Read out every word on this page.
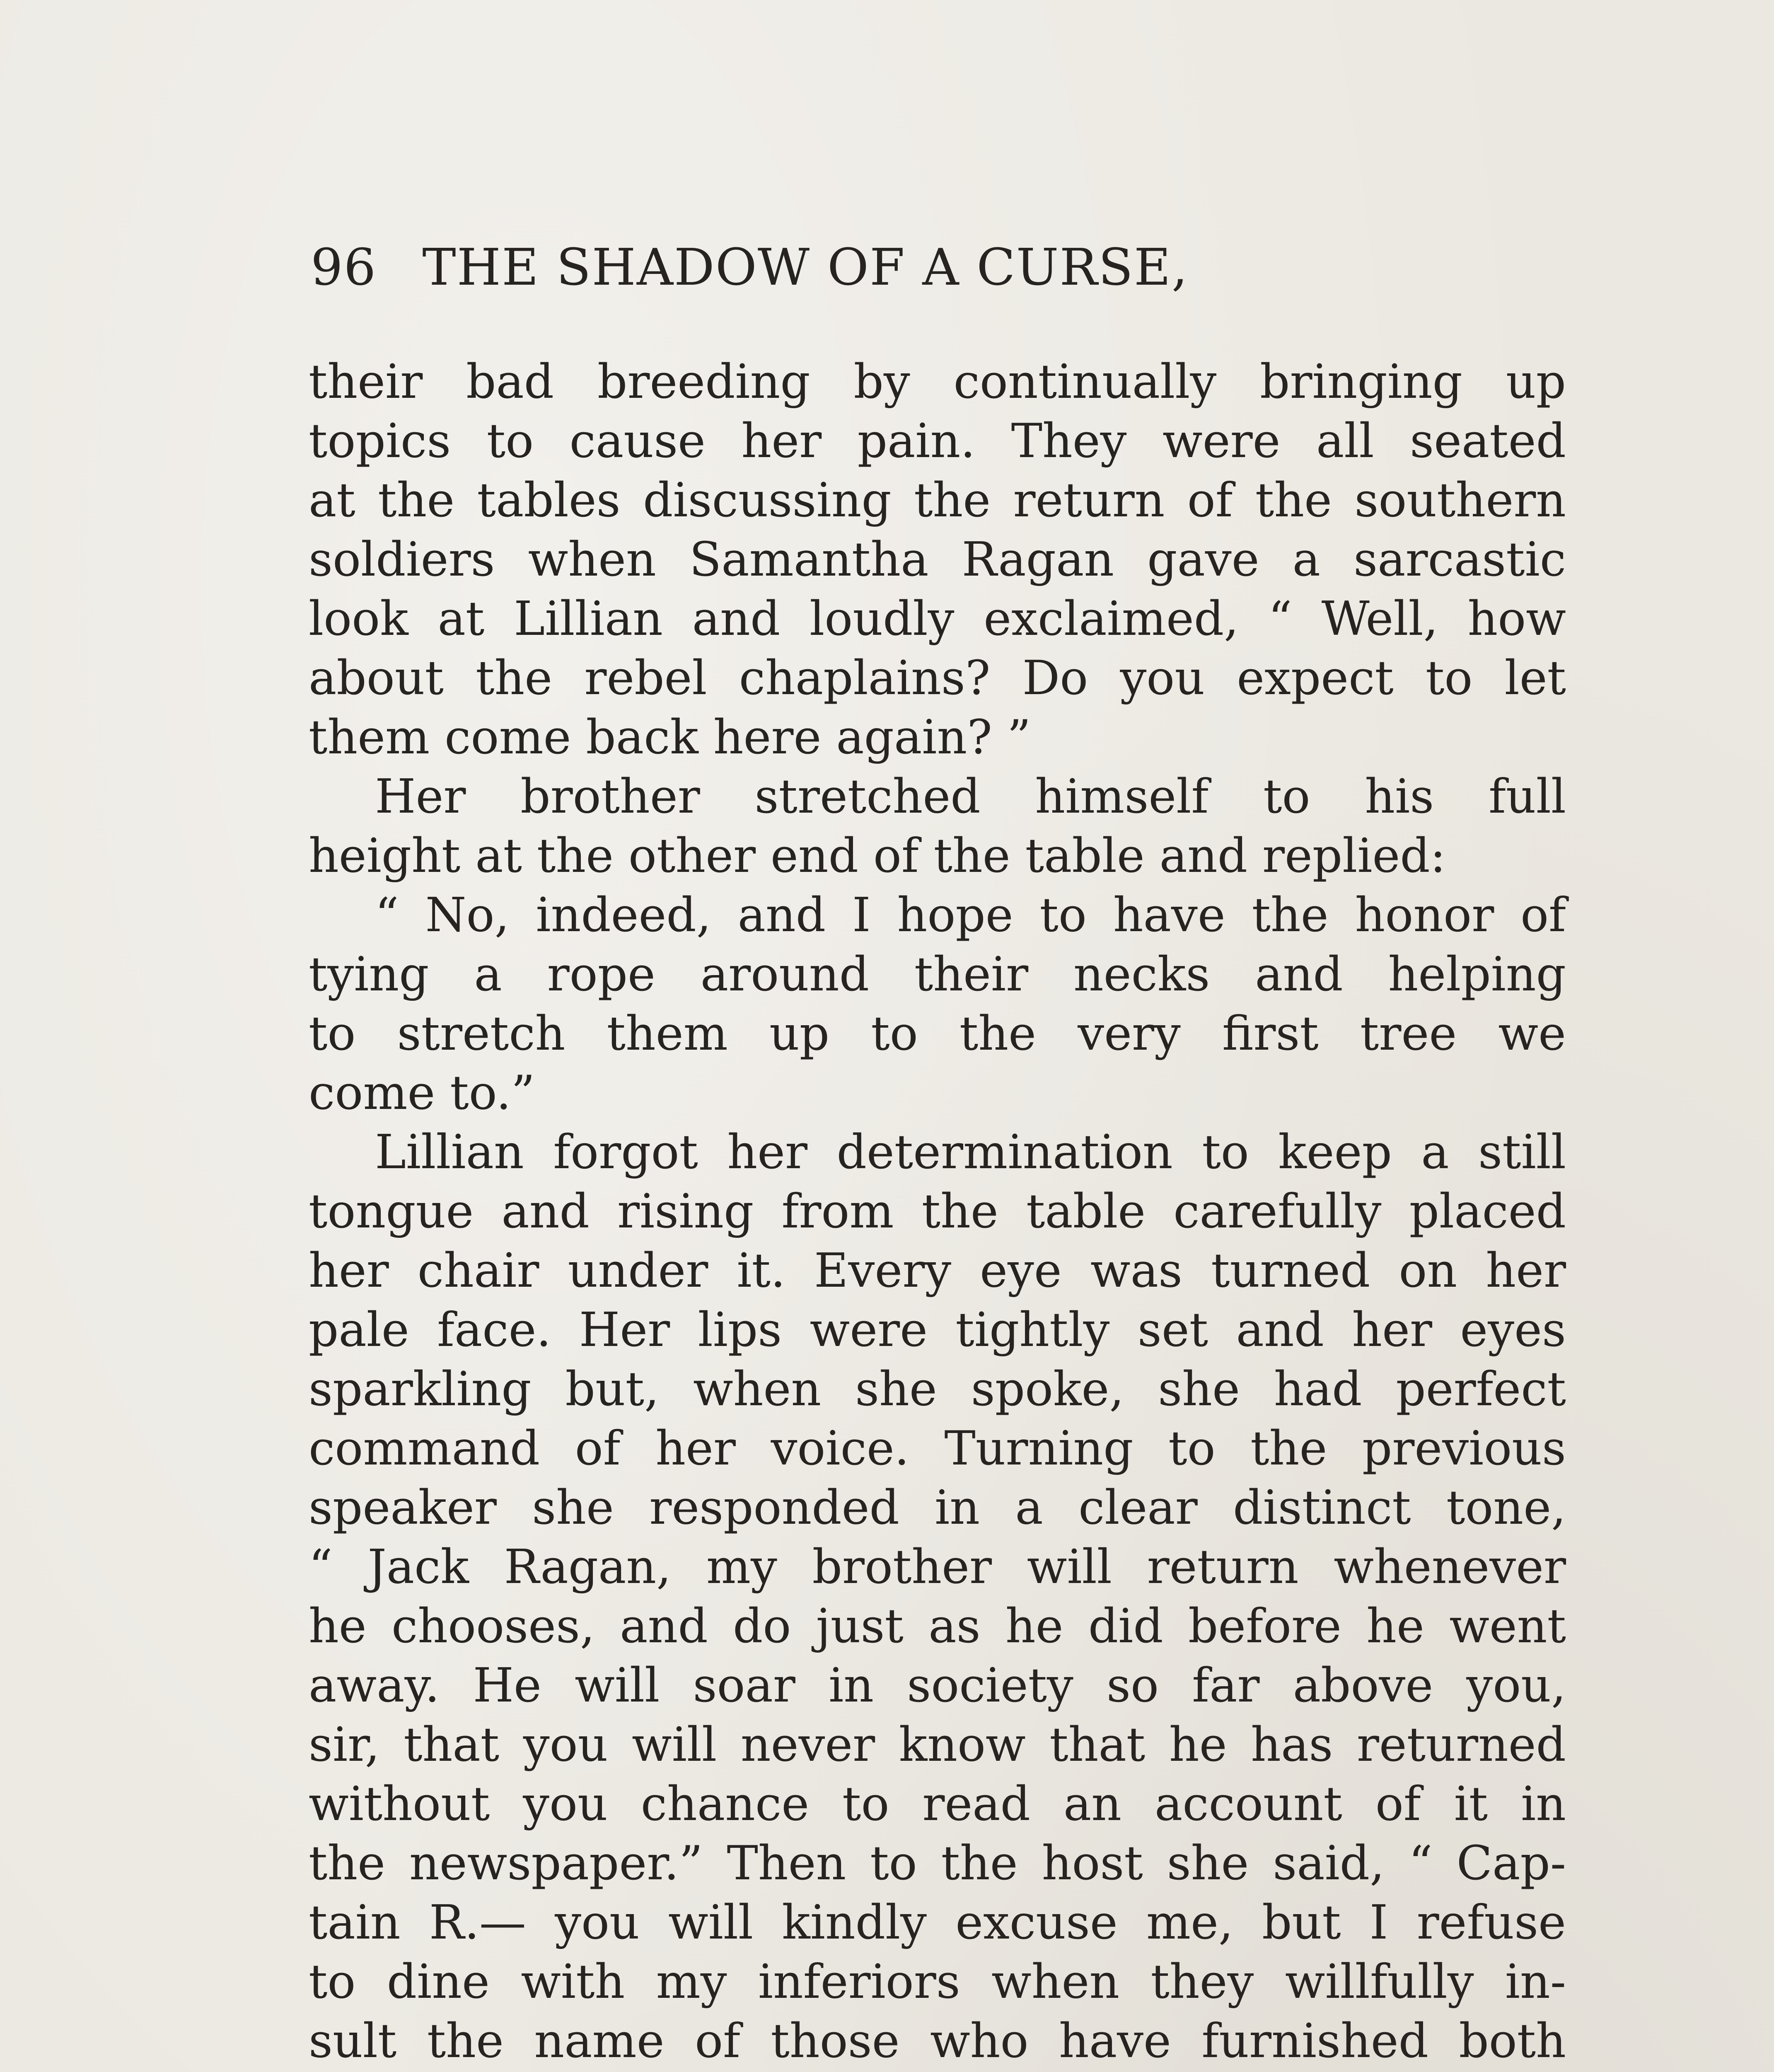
96 THE SHADOW OF A CURSE,
their bad breeding by continually bringing up
topics to cause her pain. They were all seated
at the tables discussing the return of the southern
soldiers when Samantha Ragan gave a sarcastic
look at Lillian and loudly exclaimed, “ Well, how
about the rebel chaplains? Do you expect to let
them come back here again? ”
Her brother stretched himself to his full
height at the other end of the table and replied:
“ No, indeed, and I hope to have the honor of
tying a rope around their necks and helping
to stretch them up to the very first tree we
come to.”
Lillian forgot her determination to keep a still
tongue and rising from the table carefully placed
her chair under it. Every eye was turned on her
pale face. Her lips were tightly set and her eyes
sparkling but, when she spoke, she had perfect
command of her voice. Turning to the previous
speaker she responded in a clear distinct tone,
“ Jack Ragan, my brother will return whenever
he chooses, and do just as he did before he went
away. He will soar in society so far above you,
sir, that you will never know that he has returned
without you chance to read an account of it in
the newspaper.” Then to the host she said, “ Cap-
tain R.— you will kindly excuse me, but I refuse
to dine with my inferiors when they willfully in-
sult the name of those who have furnished both
